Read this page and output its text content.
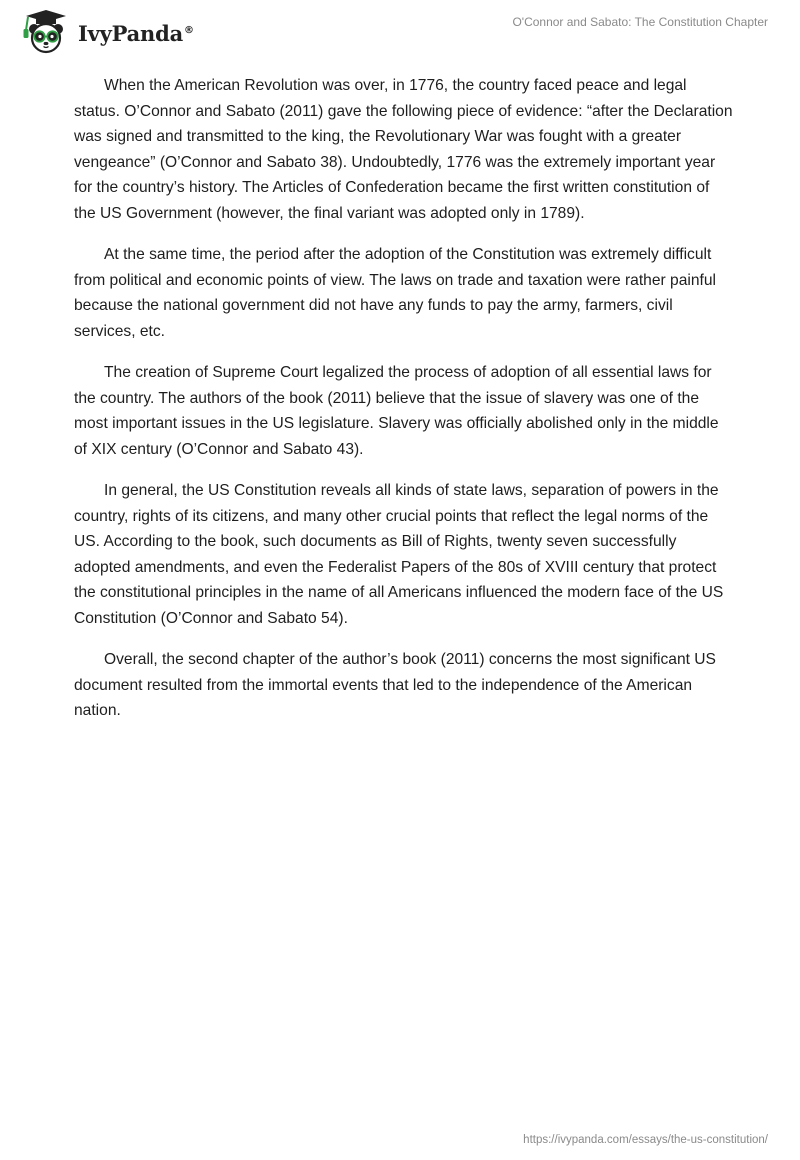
IvyPanda®
O'Connor and Sabato: The Constitution Chapter

When the American Revolution was over, in 1776, the country faced peace and legal status. O’Connor and Sabato (2011) gave the following piece of evidence: “after the Declaration was signed and transmitted to the king, the Revolutionary War was fought with a greater vengeance” (O’Connor and Sabato 38). Undoubtedly, 1776 was the extremely important year for the country’s history. The Articles of Confederation became the first written constitution of the US Government (however, the final variant was adopted only in 1789).

At the same time, the period after the adoption of the Constitution was extremely difficult from political and economic points of view. The laws on trade and taxation were rather painful because the national government did not have any funds to pay the army, farmers, civil services, etc.

The creation of Supreme Court legalized the process of adoption of all essential laws for the country. The authors of the book (2011) believe that the issue of slavery was one of the most important issues in the US legislature. Slavery was officially abolished only in the middle of XIX century (O’Connor and Sabato 43).

In general, the US Constitution reveals all kinds of state laws, separation of powers in the country, rights of its citizens, and many other crucial points that reflect the legal norms of the US. According to the book, such documents as Bill of Rights, twenty seven successfully adopted amendments, and even the Federalist Papers of the 80s of XVIII century that protect the constitutional principles in the name of all Americans influenced the modern face of the US Constitution (O’Connor and Sabato 54).

Overall, the second chapter of the author’s book (2011) concerns the most significant US document resulted from the immortal events that led to the independence of the American nation.

https://ivypanda.com/essays/the-us-constitution/
